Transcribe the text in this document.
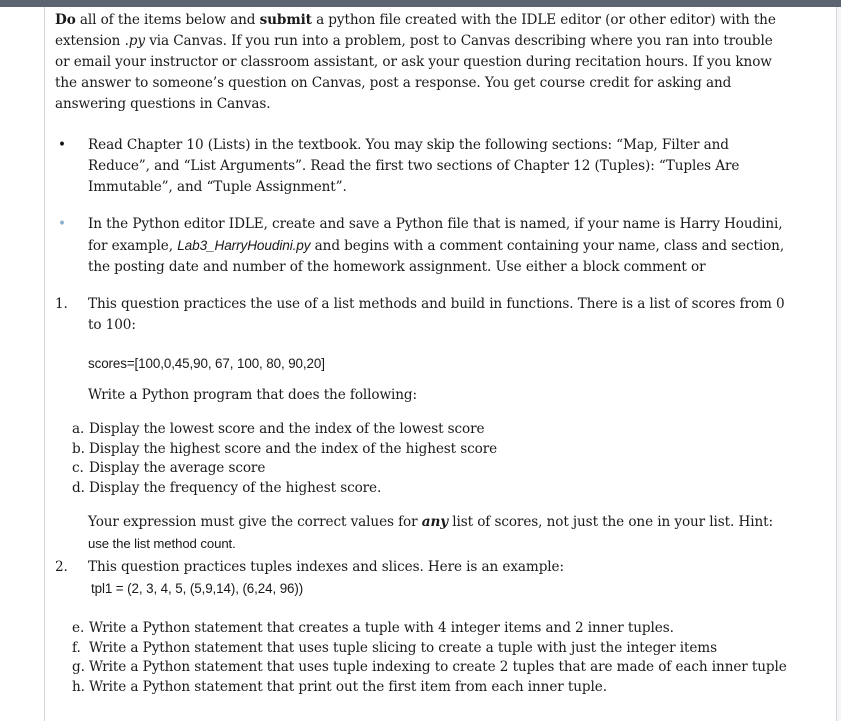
Do all of the items below and submit a python file created with the IDLE editor (or other editor) with the extension .py via Canvas. If you run into a problem, post to Canvas describing where you ran into trouble or email your instructor or classroom assistant, or ask your question during recitation hours. If you know the answer to someone’s question on Canvas, post a response. You get course credit for asking and answering questions in Canvas.

• Read Chapter 10 (Lists) in the textbook. You may skip the following sections: “Map, Filter and Reduce”, and “List Arguments”. Read the first two sections of Chapter 12 (Tuples): “Tuples Are Immutable”, and “Tuple Assignment”.
• In the Python editor IDLE, create and save a Python file that is named, if your name is Harry Houdini, for example, Lab3_HarryHoudini.py and begins with a comment containing your name, class and section, the posting date and number of the homework assignment. Use either a block comment or
1. This question practices the use of a list methods and build in functions. There is a list of scores from 0 to 100:
scores=[100,0,45,90, 67, 100, 80, 90,20]
Write a Python program that does the following:
a. Display the lowest score and the index of the lowest score
b. Display the highest score and the index of the highest score
c. Display the average score
d. Display the frequency of the highest score.
Your expression must give the correct values for any list of scores, not just the one in your list. Hint:
use the list method count.
2. This question practices tuples indexes and slices. Here is an example:
tpl1 = (2, 3, 4, 5, (5,9,14), (6,24, 96))
e. Write a Python statement that creates a tuple with 4 integer items and 2 inner tuples.
f. Write a Python statement that uses tuple slicing to create a tuple with just the integer items
g. Write a Python statement that uses tuple indexing to create 2 tuples that are made of each inner tuple
h. Write a Python statement that print out the first item from each inner tuple.
